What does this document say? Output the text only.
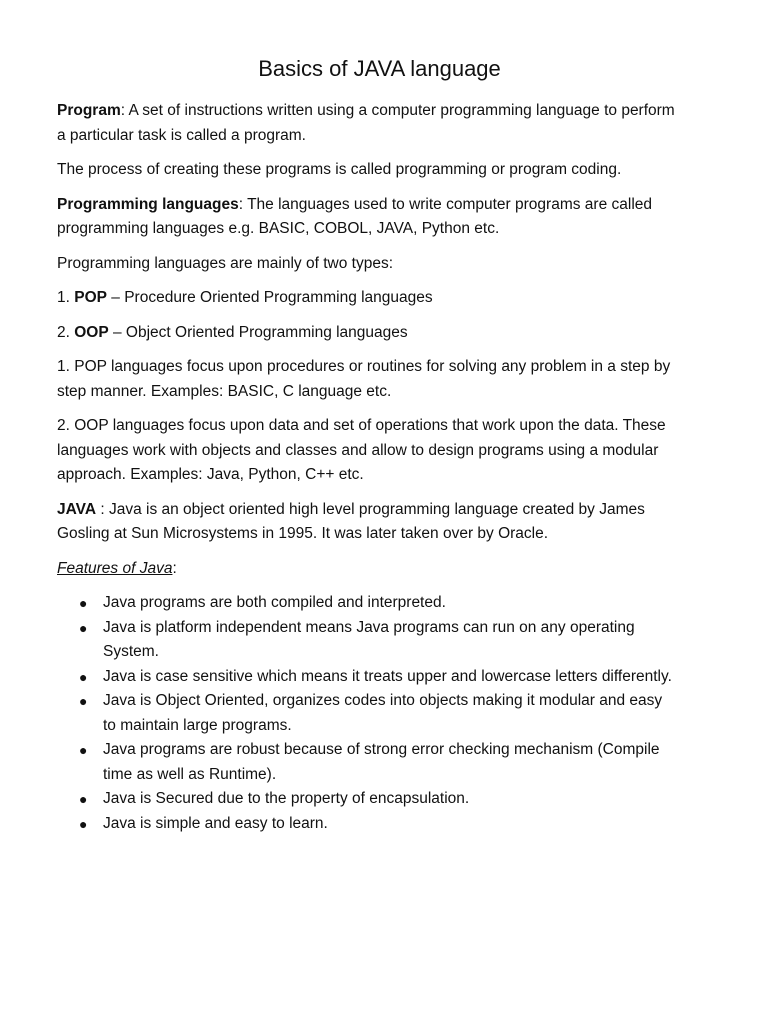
Basics of JAVA language

Program: A set of instructions written using a computer programming language to perform a particular task is called a program.

The process of creating these programs is called programming or program coding.

Programming languages: The languages used to write computer programs are called programming languages e.g. BASIC, COBOL, JAVA, Python etc.

Programming languages are mainly of two types:

1. POP – Procedure Oriented Programming languages

2. OOP – Object Oriented Programming languages

1. POP languages focus upon procedures or routines for solving any problem in a step by step manner. Examples: BASIC, C language etc.

2. OOP languages focus upon data and set of operations that work upon the data. These languages work with objects and classes and allow to design programs using a modular approach. Examples: Java, Python, C++ etc.

JAVA : Java is an object oriented high level programming language created by James Gosling at Sun Microsystems in 1995. It was later taken over by Oracle.

Features of Java:

● Java programs are both compiled and interpreted.
● Java is platform independent means Java programs can run on any operating System.
● Java is case sensitive which means it treats upper and lowercase letters differently.
● Java is Object Oriented, organizes codes into objects making it modular and easy to maintain large programs.
● Java programs are robust because of strong error checking mechanism (Compile time as well as Runtime).
● Java is Secured due to the property of encapsulation.
● Java is simple and easy to learn.
